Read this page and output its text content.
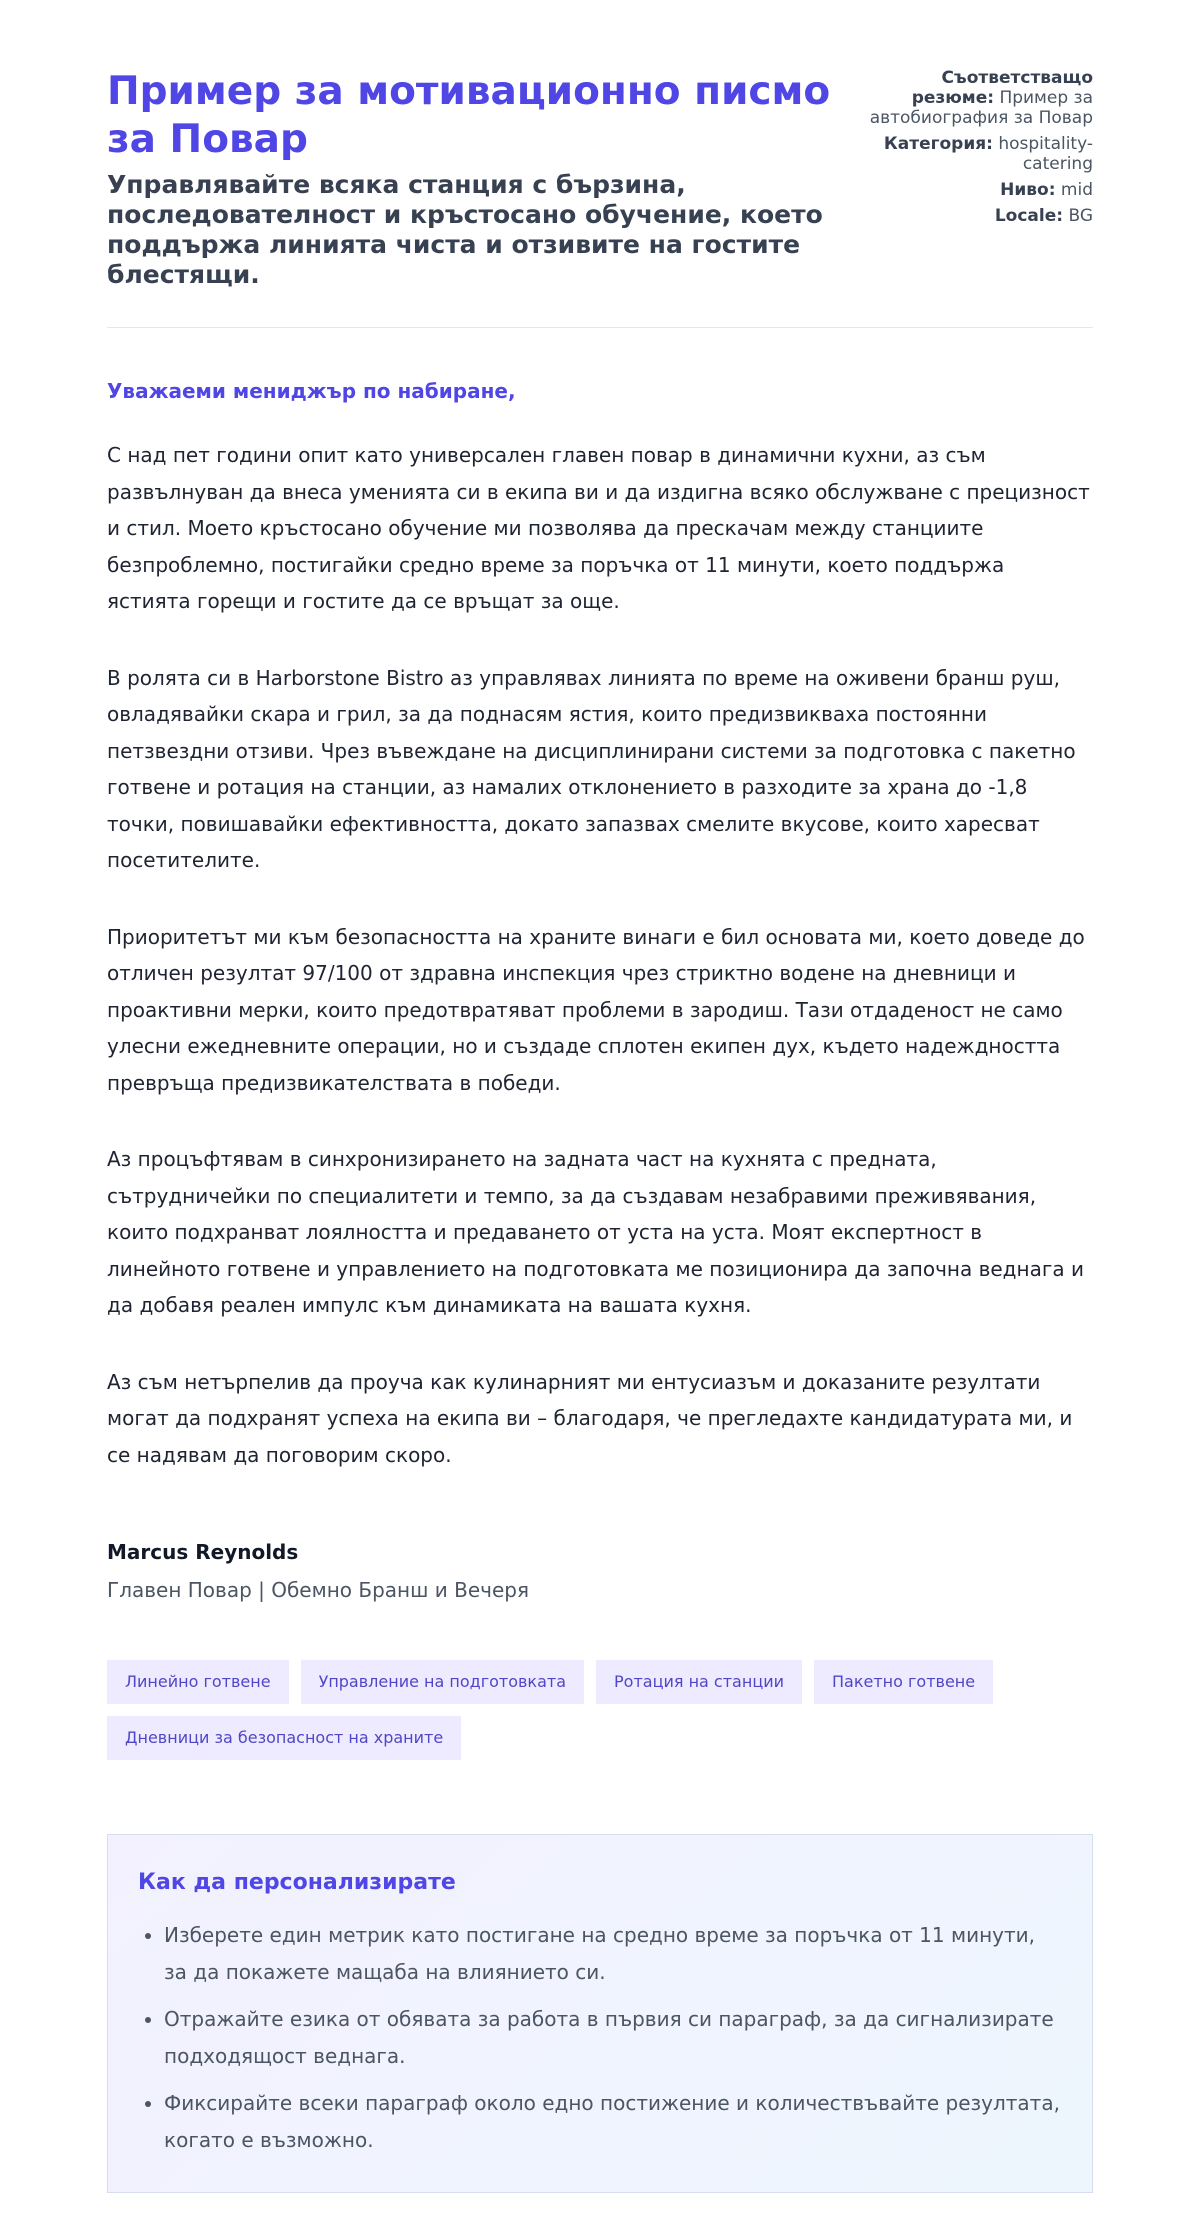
Пример за мотивационно писмо за Повар
Управлявайте всяка станция с бързина, последователност и кръстосано обучение, което поддържа линията чиста и отзивите на гостите блестящи.
Съответстващо резюме: Пример за автобиография за Повар
Категория: hospitality-catering
Ниво: mid
Locale: BG

Уважаеми мениджър по набиране,

С над пет години опит като универсален главен повар в динамични кухни, аз съм развълнуван да внеса уменията си в екипа ви и да издигна всяко обслужване с прецизност и стил. Моето кръстосано обучение ми позволява да прескачам между станциите безпроблемно, постигайки средно време за поръчка от 11 минути, което поддържа ястията горещи и гостите да се връщат за още.

В ролята си в Harborstone Bistro аз управлявах линията по време на оживени бранш руш, овладявайки скара и грил, за да поднасям ястия, които предизвикваха постоянни петзвездни отзиви. Чрез въвеждане на дисциплинирани системи за подготовка с пакетно готвене и ротация на станции, аз намалих отклонението в разходите за храна до -1,8 точки, повишавайки ефективността, докато запазвах смелите вкусове, които харесват посетителите.

Приоритетът ми към безопасността на храните винаги е бил основата ми, което доведе до отличен резултат 97/100 от здравна инспекция чрез стриктно водене на дневници и проактивни мерки, които предотвратяват проблеми в зародиш. Тази отдаденост не само улесни ежедневните операции, но и създаде сплотен екипен дух, където надеждността превръща предизвикателствата в победи.

Аз процъфтявам в синхронизирането на задната част на кухнята с предната, сътрудничейки по специалитети и темпо, за да създавам незабравими преживявания, които подхранват лоялността и предаването от уста на уста. Моят експертност в линейното готвене и управлението на подготовката ме позиционира да започна веднага и да добавя реален импулс към динамиката на вашата кухня.

Аз съм нетърпелив да проуча как кулинарният ми ентусиазъм и доказаните резултати могат да подхранят успеха на екипа ви – благодаря, че прегледахте кандидатурата ми, и се надявам да поговорим скоро.

Marcus Reynolds

Главен Повар | Обемно Бранш и Вечеря

Линейно готвене	Управление на подготовката	Ротация на станции	Пакетно готвене
Дневници за безопасност на храните
Как да персонализирате
• Изберете един метрик като постигане на средно време за поръчка от 11 минути, за да покажете мащаба на влиянието си.
• Отражайте езика от обявата за работа в първия си параграф, за да сигнализирате подходящост веднага.
• Фиксирайте всеки параграф около едно постижение и количествъвайте резултата, когато е възможно.
